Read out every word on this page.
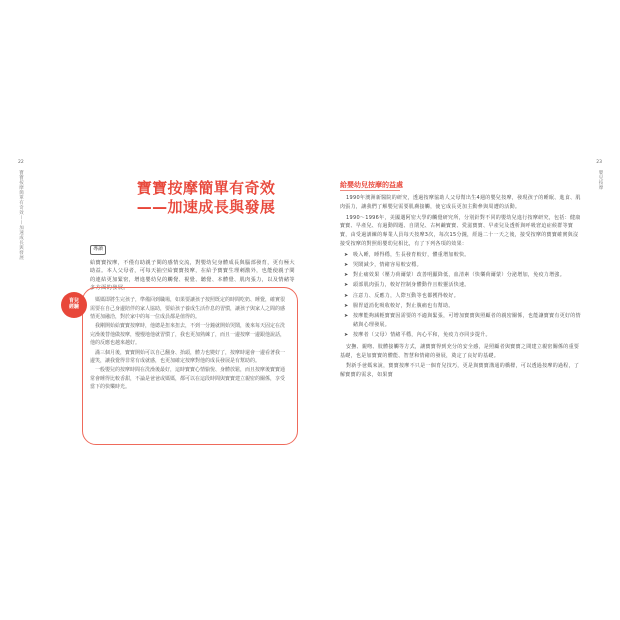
22
寶寶按摩簡單有奇效——加速成長與發展	寶寶按摩簡單有奇效
——加速成長與發展
導讀
給寶寶按摩，不僅有助親子間的感情交流，對嬰幼兒身體成長與腦部發育，更有極大助益。本人父母者，可每天抽空給寶寶按摩，在給予寶寶生理刺激外，也能使親子間的連結更加緊密，增進嬰幼兒的觸覺、視覺、聽覺、本體覺、肌肉張力，以及情緒等多方面的發展。
育兒
經驗

媽媽即將生完孩子，準備回到職場，如果要讓孩子按照既定的時間吃奶、睡覺，確實很需要在自己身邊陪伴的家人協助，要給孩子養成生活作息的習慣，讓孩子與家人之間的感情更加融洽，對於家中的每一位成員都是值得的。

我剛開始給寶寶按摩時，他總是扭來扭去，不到一分鐘就開始哭鬧，後來每天固定在洗完澡後替他做按摩，慢慢地他就習慣了，我也更加熟練了，而且一邊按摩一邊跟他說話，他的反應也越來越好。

滿三個月後，寶寶開始可以自己翻身、抬頭，體力也變好了，按摩時還會一邊看著我一邊笑，讓我覺得非常有成就感，也更加確定按摩對他的成長發展是有幫助的。

一般嬰兒的按摩時間在洗澡後最好，這時寶寶心情愉悅、身體放鬆，而且按摩後寶寶通常會睡得比較香甜，不論是爸爸或媽媽，都可以在這段時間與寶寶建立親密的關係，享受當下的快樂時光。

23
嬰兒按摩
給嬰幼兒按摩的益處

1990年澳洲新醫院的研究，透過按摩協助人父母幫出生4週的嬰兒按摩，發現孩子的睡眠、進食、肌肉張力，讓我們了解嬰兒需要肌膚接觸，使它成長更加主動參與周遭的活動。

1990～1996年，美國邁阿密大學的觸覺研究所，分別針對不同的嬰幼兒進行按摩研究，包括：健康寶寶、早產兒、有過動問題、自閉兒、古柯鹼寶寶、愛滋寶寶、早產兒及透析與呼吸窘迫症候群等寶寶，由受過訓練的專業人員每天按摩3次，每次15分鐘，經過二十一天之後，接受按摩的寶寶確實與沒接受按摩的對照組嬰幼兒相比，有了下列各項的效果：

➤ 吸入睡，睡得穩，生長發育較好，體重增加較快。
➤ 哭鬧減少，情緒容易較安穩。
➤ 對止痛效果（壓力荷爾蒙）改善明顯降低，血清素（快樂荷爾蒙）分泌增加，免疫力增強。
➤ 頭部肌肉張力，較好控制身體動作且較靈活快速。
➤ 注意力、反應力，人際互動等也都獲得較好。
➤ 腸胃道消化吸收較好，對止腹痛也有幫助。
➤ 按摩能夠減輕寶寶因需要的不適與緊張，可增加寶寶與照顧者的親密關係，也能讓寶寶有更好的情緒與心理發展。
➤ 按摩者（父母）情緒平穩，內心平和，免疫力亦同步提升。

安撫、親吻、肢體接觸等方式，讓寶寶得到充分的安全感，是照顧者與寶寶之間建立親密關係的重要基礎，也是加寶寶的體能、智慧和情緒的發展，奠定了良好的基礎。

對新手爸媽來說，寶寶按摩不只是一個育兒技巧，更是與寶寶溝通的橋樑，可以透過按摩的過程，了解寶寶的需求，如果寶
